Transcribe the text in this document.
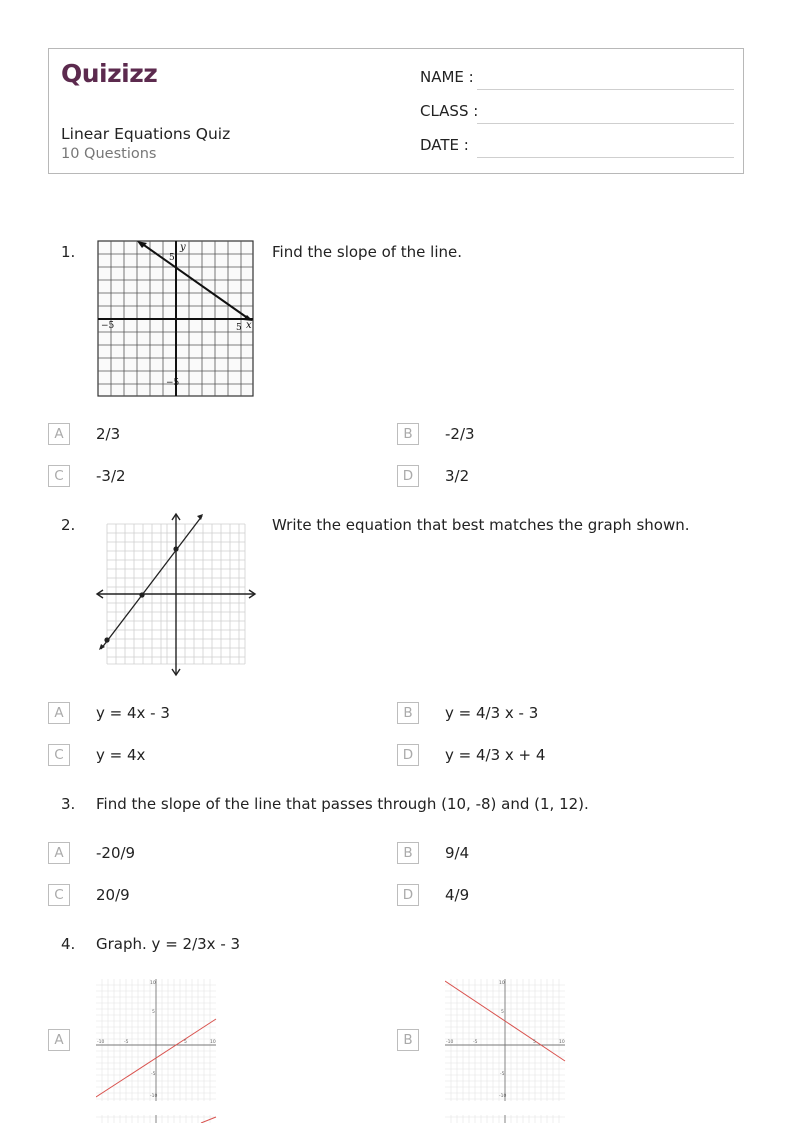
Quizizz
Linear Equations Quiz
10 Questions
NAME :
CLASS :
DATE :
1.	Find the slope of the line.
y
x
5
5
−5
−5
A	2/3	B	-2/3
C	-3/2	D	3/2
2.	Write the equation that best matches the graph shown.
A	y = 4x - 3	B	y = 4/3 x - 3
C	y = 4x	D	y = 4/3 x + 4
3. Find the slope of the line that passes through (10, -8) and (1, 12).
A	-20/9	B	9/4
C	20/9	D	4/9
4. Graph. y = 2/3x - 3
10
5
-10	-5	5	10
-5
-10
A
10
5
-10	-5	5	10
-5
-10
B
